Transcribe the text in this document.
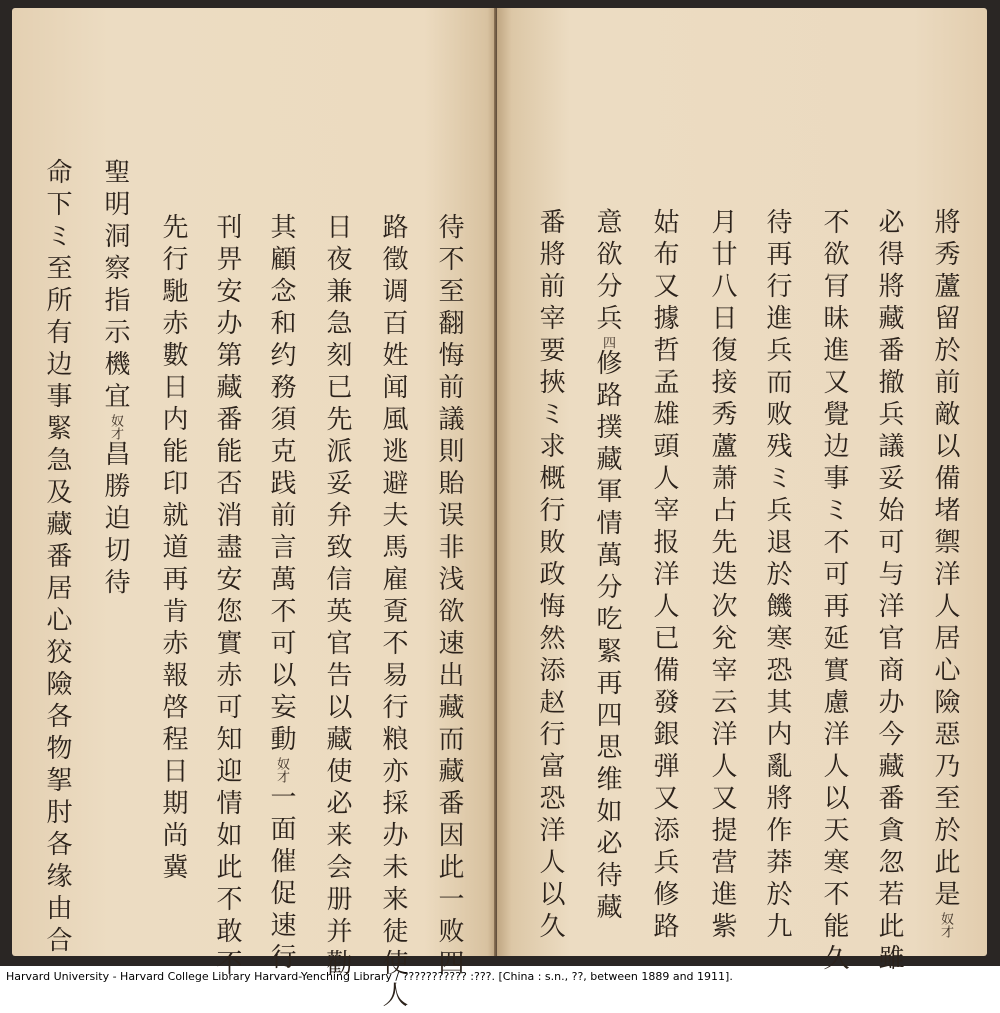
命下ミ至所有边事緊急及藏番居心狡險各物挐肘各缘由合 聖明洞察指示機宜奴才昌勝迫切待 先行馳赤數日内能印就道再肯赤報啓程日期尚冀 刊畀安办第藏番能否消盡安您實赤可知迎情如此不敢不 其顧念和约務須克践前言萬不可以妄動奴才一面催促速行 日夜兼急刻已先派妥弁致信英官告以藏使必来会册并勸 路徵调百姓闻風逃避夫馬雇覔不易行粮亦採办未来徒使人 待不至翻悔前議則貽误非浅欲速出藏而藏番因此一败四	番將前宰要挾ミ求概行敗政悔然添赵行富恐洋人以久 意欲分兵四修路撲藏軍情萬分吃緊再四思维如必待藏 姑布又據哲孟雄頭人宰报洋人已備發銀弾又添兵修路 月廿八日復接秀蘆萧占先迭次兊宰云洋人又提营進紫 待再行進兵而败残ミ兵退於饑寒恐其内亂將作莽於九 不欲肎昧進又覺边事ミ不可再延實慮洋人以天寒不能久 必得將藏番撤兵議妥始可与洋官商办今藏番貪忽若此雖 將秀蘆留於前敵以備堵禦洋人居心險惡乃至於此是奴才
Harvard University - Harvard College Library Harvard-Yenching Library / ??????????? :???. [China : s.n., ??, between 1889 and 1911].
